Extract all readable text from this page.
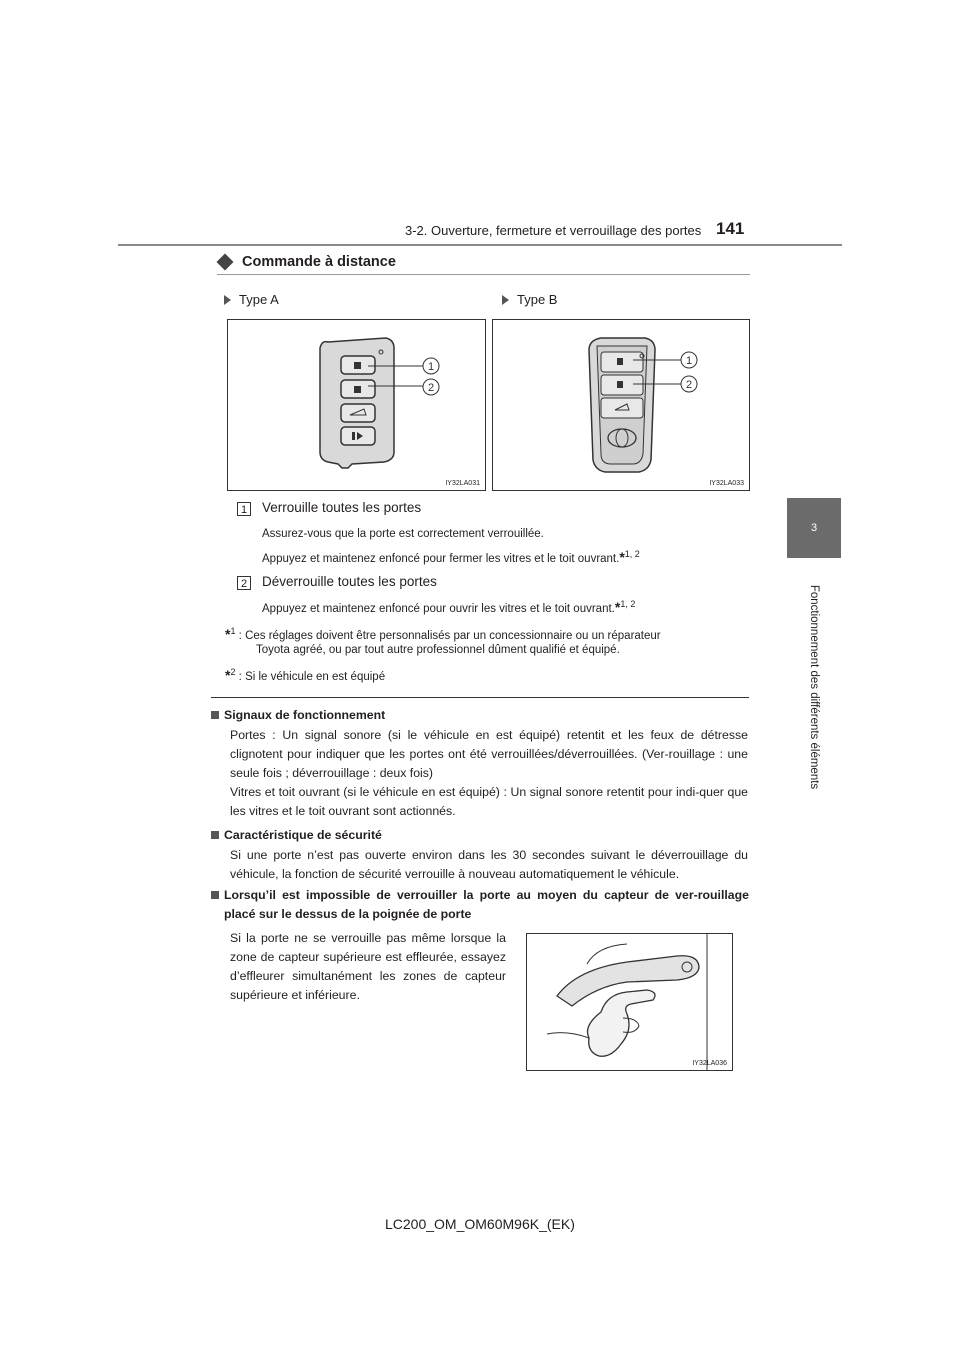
3-2. Ouverture, fermeture et verrouillage des portes 141
3
Fonctionnement des différents éléments
Commande à distance
Type A	Type B
1
2
IY32LA031
1
2
IY32LA033
1 Verrouille toutes les portes
Assurez-vous que la porte est correctement verrouillée.
Appuyez et maintenez enfoncé pour fermer les vitres et le toit ouvrant.*$^{1, 2}$
2 Déverrouille toutes les portes
Appuyez et maintenez enfoncé pour ouvrir les vitres et le toit ouvrant.*$^{1, 2}$
*$^1$ : Ces réglages doivent être personnalisés par un concessionnaire ou un réparateur
Toyota agréé, ou par tout autre professionnel dûment qualifié et équipé.
*$^2$ : Si le véhicule en est équipé
Signaux de fonctionnement
Portes : Un signal sonore (si le véhicule en est équipé) retentit et les feux de détresse clignotent pour indiquer que les portes ont été verrouillées/déverrouillées. (Ver-rouillage : une seule fois ; déverrouillage : deux fois)
Vitres et toit ouvrant (si le véhicule en est équipé) : Un signal sonore retentit pour indi-quer que les vitres et le toit ouvrant sont actionnés.
Caractéristique de sécurité
Si une porte n’est pas ouverte environ dans les 30 secondes suivant le déverrouillage du véhicule, la fonction de sécurité verrouille à nouveau automatiquement le véhicule.
Lorsqu’il est impossible de verrouiller la porte au moyen du capteur de ver-rouillage placé sur le dessus de la poignée de porte
Si la porte ne se verrouille pas même lorsque la zone de capteur supérieure est effleurée, essayez d’effleurer simultanément les zones de capteur supérieure et inférieure.
IY32LA036
LC200_OM_OM60M96K_(EK)
